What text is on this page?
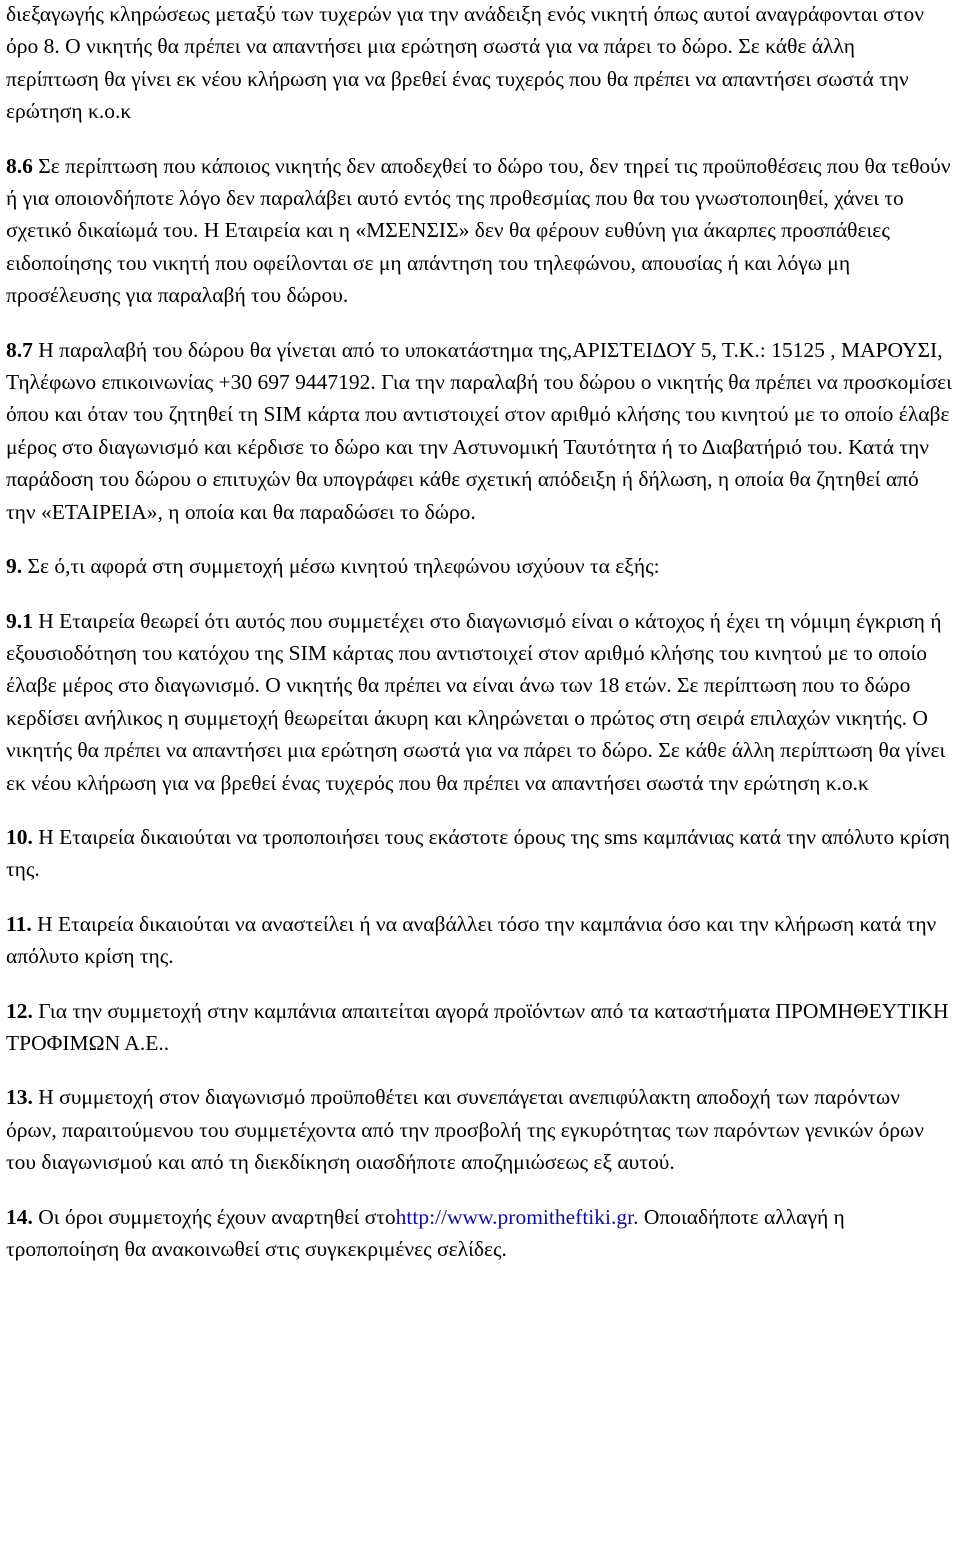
διεξαγωγής κληρώσεως μεταξύ των τυχερών για την ανάδειξη ενός νικητή όπως αυτοί αναγράφονται στον όρο 8. Ο νικητής θα πρέπει να απαντήσει μια ερώτηση σωστά για να πάρει το δώρο. Σε κάθε άλλη περίπτωση θα γίνει εκ νέου κλήρωση για να βρεθεί ένας τυχερός που θα πρέπει να απαντήσει σωστά την ερώτηση κ.ο.κ

8.6 Σε περίπτωση που κάποιος νικητής δεν αποδεχθεί το δώρο του, δεν τηρεί τις προϋποθέσεις που θα τεθούν ή για οποιονδήποτε λόγο δεν παραλάβει αυτό εντός της προθεσμίας που θα του γνωστοποιηθεί, χάνει το σχετικό δικαίωμά του. Η Εταιρεία και η «ΜΣΕΝΣΙΣ» δεν θα φέρουν ευθύνη για άκαρπες προσπάθειες ειδοποίησης του νικητή που οφείλονται σε μη απάντηση του τηλεφώνου, απουσίας ή και λόγω μη προσέλευσης για παραλαβή του δώρου.

8.7 Η παραλαβή του δώρου θα γίνεται από το υποκατάστημα της,ΑΡΙΣΤΕΙΔΟΥ 5, Τ.Κ.: 15125 , ΜΑΡΟΥΣΙ, Τηλέφωνο επικοινωνίας +30 697 9447192. Για την παραλαβή του δώρου ο νικητής θα πρέπει να προσκομίσει όπου και όταν του ζητηθεί τη SIM κάρτα που αντιστοιχεί στον αριθμό κλήσης του κινητού με το οποίο έλαβε μέρος στο διαγωνισμό και κέρδισε το δώρο και την Αστυνομική Ταυτότητα ή το Διαβατήριό του. Κατά την παράδοση του δώρου ο επιτυχών θα υπογράφει κάθε σχετική απόδειξη ή δήλωση, η οποία θα ζητηθεί από την «ΕΤΑΙΡΕΙΑ», η οποία και θα παραδώσει το δώρο.

9. Σε ό,τι αφορά στη συμμετοχή μέσω κινητού τηλεφώνου ισχύουν τα εξής:

9.1 Η Εταιρεία θεωρεί ότι αυτός που συμμετέχει στο διαγωνισμό είναι ο κάτοχος ή έχει τη νόμιμη έγκριση ή εξουσιοδότηση του κατόχου της SIM κάρτας που αντιστοιχεί στον αριθμό κλήσης του κινητού με το οποίο έλαβε μέρος στο διαγωνισμό. Ο νικητής θα πρέπει να είναι άνω των 18 ετών. Σε περίπτωση που το δώρο κερδίσει ανήλικος η συμμετοχή θεωρείται άκυρη και κληρώνεται ο πρώτος στη σειρά επιλαχών νικητής. Ο νικητής θα πρέπει να απαντήσει μια ερώτηση σωστά για να πάρει το δώρο. Σε κάθε άλλη περίπτωση θα γίνει εκ νέου κλήρωση για να βρεθεί ένας τυχερός που θα πρέπει να απαντήσει σωστά την ερώτηση κ.ο.κ

10. Η Εταιρεία δικαιούται να τροποποιήσει τους εκάστοτε όρους της sms καμπάνιας κατά την απόλυτο κρίση της.

11. Η Εταιρεία δικαιούται να αναστείλει ή να αναβάλλει τόσο την καμπάνια όσο και την κλήρωση κατά την απόλυτο κρίση της.

12. Για την συμμετοχή στην καμπάνια απαιτείται αγορά προϊόντων από τα καταστήματα ΠΡΟΜΗΘΕΥΤΙΚΗ ΤΡΟΦΙΜΩΝ Α.Ε..

13. Η συμμετοχή στον διαγωνισμό προϋποθέτει και συνεπάγεται ανεπιφύλακτη αποδοχή των παρόντων όρων, παραιτούμενου του συμμετέχοντα από την προσβολή της εγκυρότητας των παρόντων γενικών όρων του διαγωνισμού και από τη διεκδίκηση οιασδήποτε αποζημιώσεως εξ αυτού.

14. Οι όροι συμμετοχής έχουν αναρτηθεί στοhttp://www.promitheftiki.gr. Οποιαδήποτε αλλαγή η τροποποίηση θα ανακοινωθεί στις συγκεκριμένες σελίδες.
